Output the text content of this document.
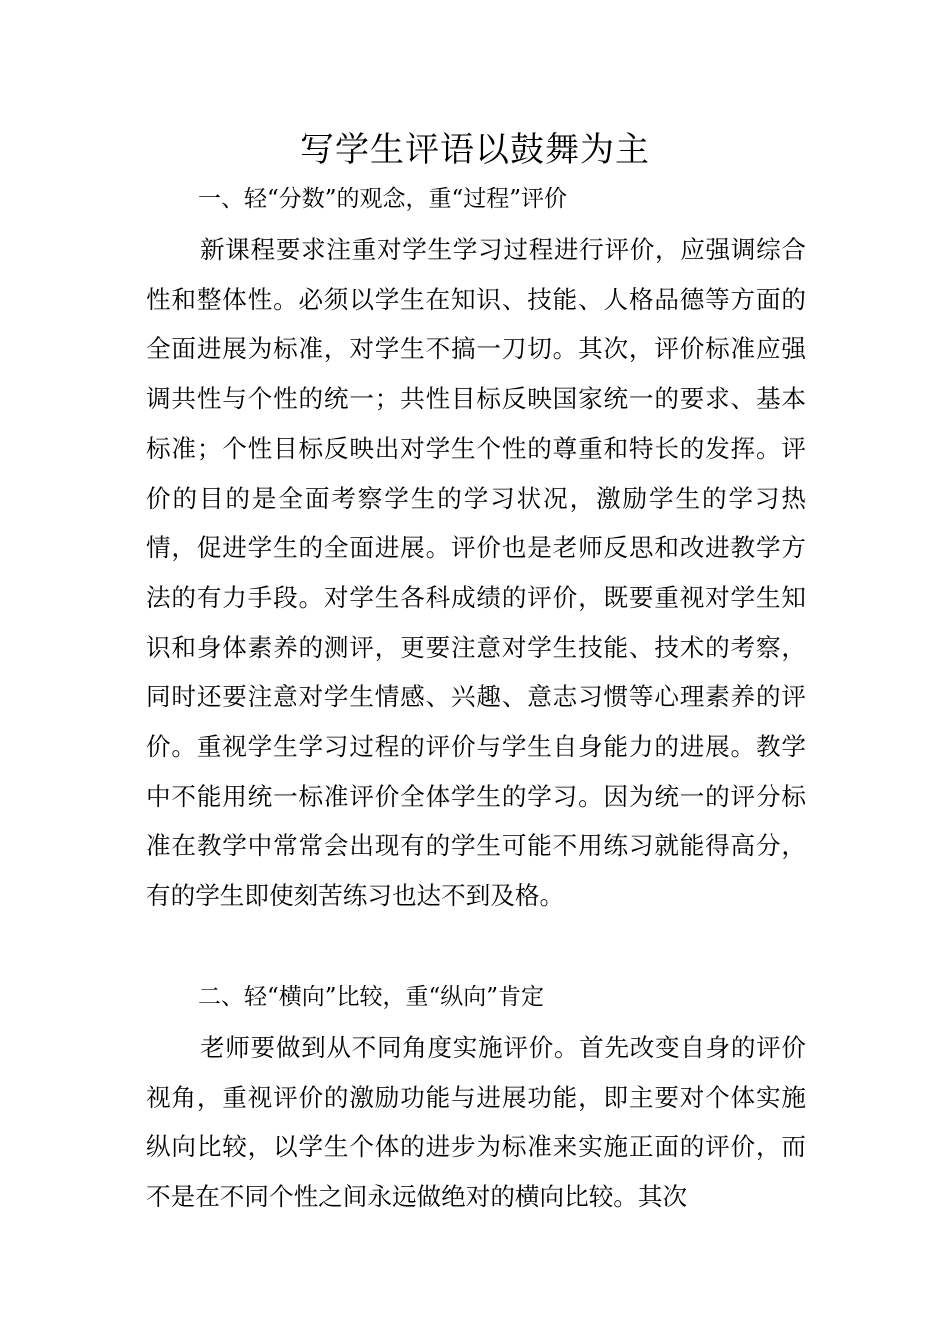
写学生评语以鼓舞为主
一、轻“分数”的观念，重“过程”评价

新课程要求注重对学生学习过程进行评价，应强调综合性和整体性。必须以学生在知识、技能、人格品德等方面的全面进展为标准，对学生不搞一刀切。其次，评价标准应强调共性与个性的统一；共性目标反映国家统一的要求、基本标准；个性目标反映出对学生个性的尊重和特长的发挥。评价的目的是全面考察学生的学习状况，激励学生的学习热情，促进学生的全面进展。评价也是老师反思和改进教学方法的有力手段。对学生各科成绩的评价，既要重视对学生知识和身体素养的测评，更要注意对学生技能、技术的考察，同时还要注意对学生情感、兴趣、意志习惯等心理素养的评价。重视学生学习过程的评价与学生自身能力的进展。教学中不能用统一标准评价全体学生的学习。因为统一的评分标准在教学中常常会出现有的学生可能不用练习就能得高分，有的学生即使刻苦练习也达不到及格。

二、轻“横向”比较，重“纵向”肯定

老师要做到从不同角度实施评价。首先改变自身的评价视角，重视评价的激励功能与进展功能，即主要对个体实施纵向比较，以学生个体的进步为标准来实施正面的评价，而不是在不同个性之间永远做绝对的横向比较。其次
